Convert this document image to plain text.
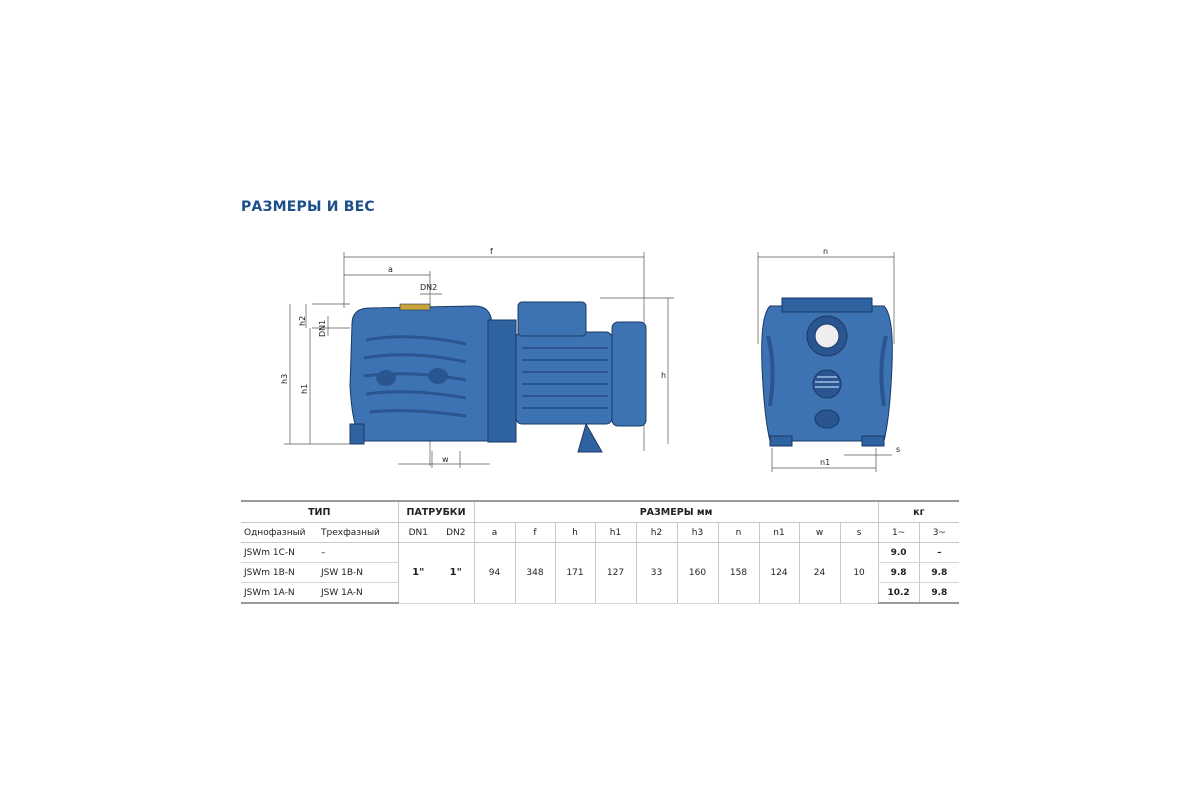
РАЗМЕРЫ И ВЕС
f
a
DN2
h2 DN1
h3
h1
h
w
n
n1
s
ТИП		ПАТРУБКИ		РАЗМЕРЫ мм										кг	
Однофазный	Трехфазный	DN1	DN2	a	f	h	h1	h2	h3	n	n1	w	s	1~	3~
JSWm 1C-N	–	1"	1"	94	348	171	127	33	160	158	124	24	10	9.0	–
JSWm 1B-N	JSW 1B-N													9.8	9.8
JSWm 1A-N	JSW 1A-N													10.2	9.8
